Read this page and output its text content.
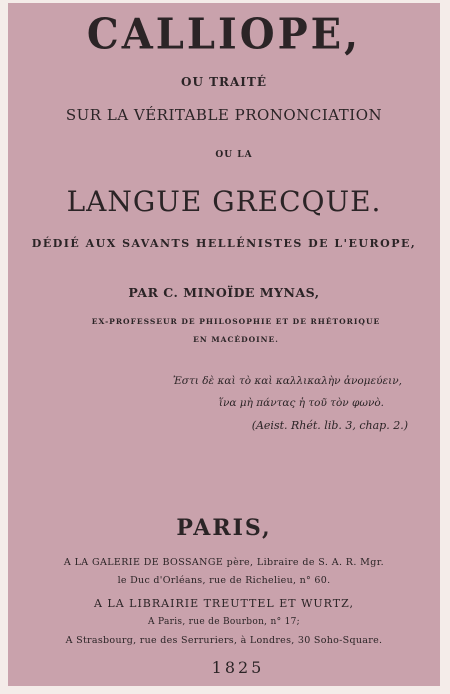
CALLIOPE,
OU TRAITÉ
SUR LA VÉRITABLE PRONONCIATION
OU LA
LANGUE GRECQUE.
DÉDIÉ AUX SAVANTS HELLÉNISTES DE L'EUROPE,
PAR C. MINOÏDE MYNAS,
EX-PROFESSEUR DE PHILOSOPHIE ET DE RHÉTORIQUE
EN MACÉDOINE.
Ἐστι δὲ καὶ τὸ καὶ καλλικαλὴν ἀνομεύειν,
ἵνα μὴ πάντας ἡ τοῦ τὸν φωνὸ.
(Aeist. Rhét. lib. 3, chap. 2.)
PARIS,
A LA GALERIE DE BOSSANGE père, Libraire de S. A. R. Mgr.
le Duc d'Orléans, rue de Richelieu, n° 60.
A LA LIBRAIRIE TREUTTEL ET WURTZ,
A Paris, rue de Bourbon, n° 17;
A Strasbourg, rue des Serruriers, à Londres, 30 Soho-Square.
1825
